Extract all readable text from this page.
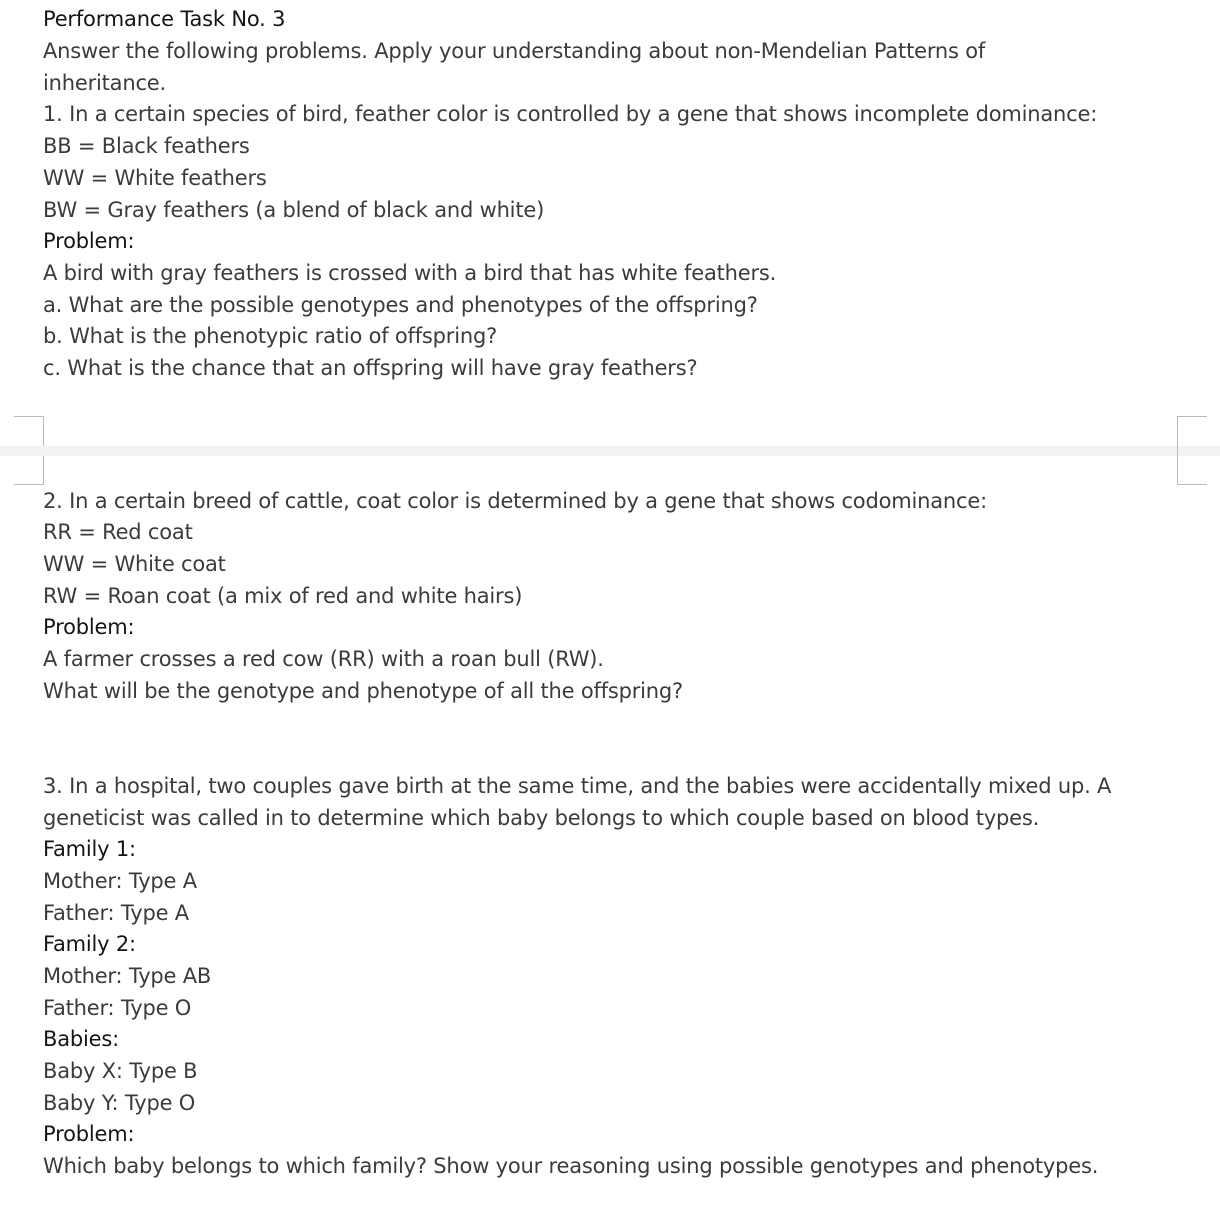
Performance Task No. 3
Answer the following problems. Apply your understanding about non-Mendelian Patterns of
inheritance.
1. In a certain species of bird, feather color is controlled by a gene that shows incomplete dominance:
BB = Black feathers
WW = White feathers
BW = Gray feathers (a blend of black and white)
Problem:
A bird with gray feathers is crossed with a bird that has white feathers.
a. What are the possible genotypes and phenotypes of the offspring?
b. What is the phenotypic ratio of offspring?
c. What is the chance that an offspring will have gray feathers?
2. In a certain breed of cattle, coat color is determined by a gene that shows codominance:
RR = Red coat
WW = White coat
RW = Roan coat (a mix of red and white hairs)
Problem:
A farmer crosses a red cow (RR) with a roan bull (RW).
What will be the genotype and phenotype of all the offspring?
3. In a hospital, two couples gave birth at the same time, and the babies were accidentally mixed up. A
geneticist was called in to determine which baby belongs to which couple based on blood types.
Family 1:
Mother: Type A
Father: Type A
Family 2:
Mother: Type AB
Father: Type O
Babies:
Baby X: Type B
Baby Y: Type O
Problem:
Which baby belongs to which family? Show your reasoning using possible genotypes and phenotypes.
